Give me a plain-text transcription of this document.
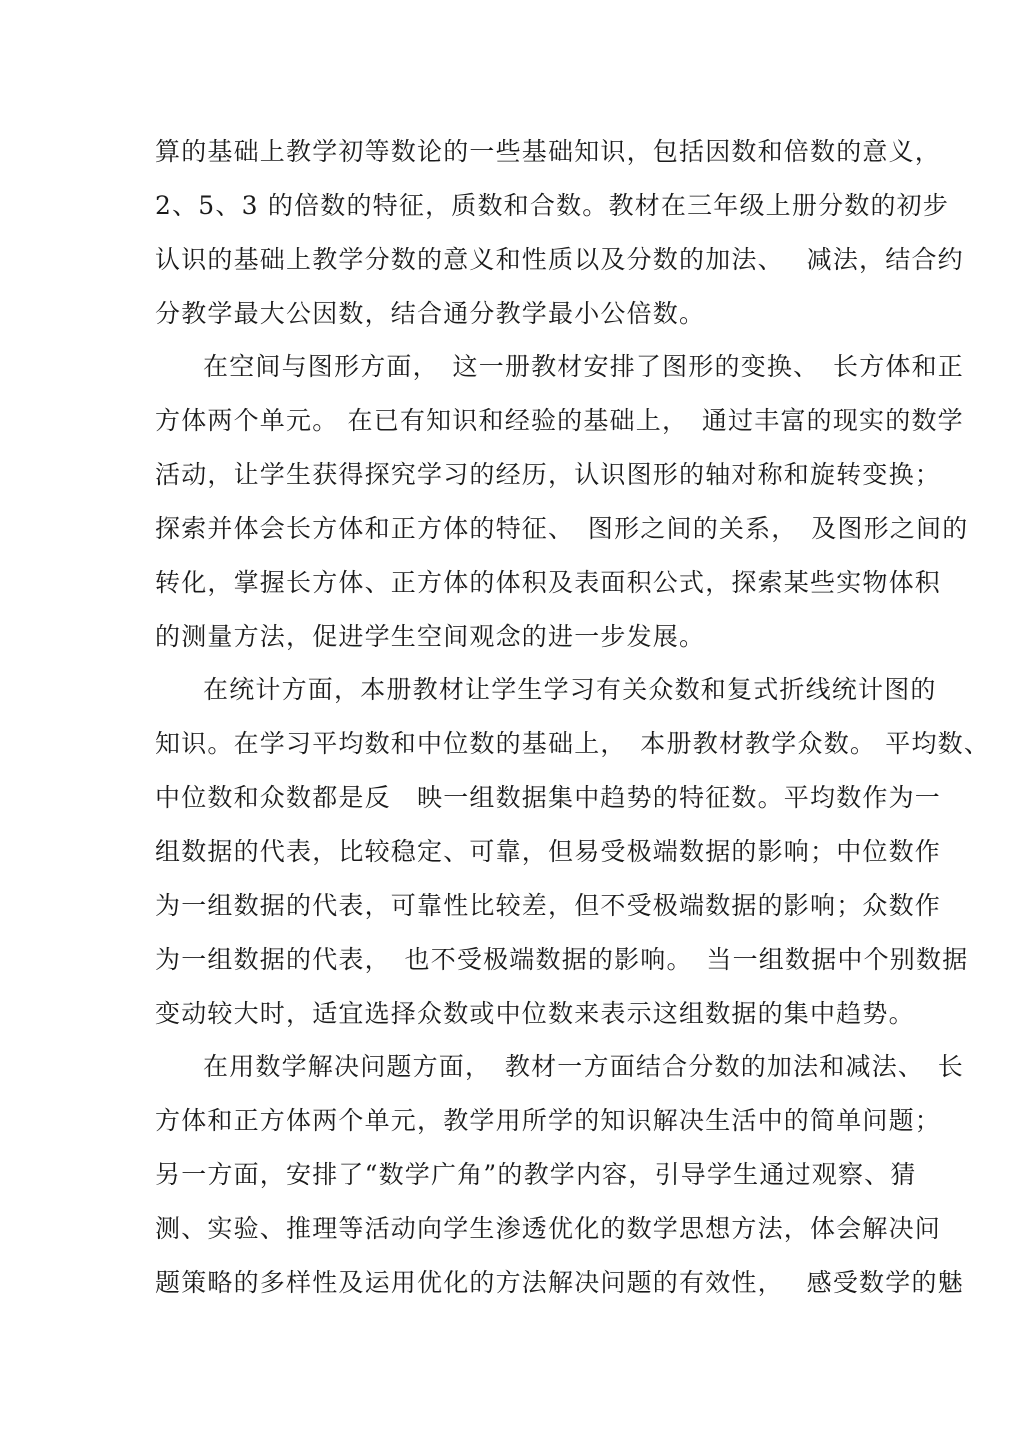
算的基础上教学初等数论的一些基础知识，包括因数和倍数的意义，
2、5、3 的倍数的特征，质数和合数。教材在三年级上册分数的初步
认识的基础上教学分数的意义和性质以及分数的加法、　 减法，结合约
分教学最大公因数，结合通分教学最小公倍数。
在空间与图形方面，　这一册教材安排了图形的变换、　长方体和正
方体两个单元。 在已有知识和经验的基础上，　通过丰富的现实的数学
活动，让学生获得探究学习的经历，认识图形的轴对称和旋转变换；
探索并体会长方体和正方体的特征、　图形之间的关系，　及图形之间的
转化，掌握长方体、正方体的体积及表面积公式，探索某些实物体积
的测量方法，促进学生空间观念的进一步发展。
在统计方面，本册教材让学生学习有关众数和复式折线统计图的
知识。在学习平均数和中位数的基础上，　本册教材教学众数。 平均数、
中位数和众数都是反　映一组数据集中趋势的特征数。平均数作为一
组数据的代表，比较稳定、可靠，但易受极端数据的影响；中位数作
为一组数据的代表，可靠性比较差，但不受极端数据的影响；众数作
为一组数据的代表，　也不受极端数据的影响。　当一组数据中个别数据
变动较大时，适宜选择众数或中位数来表示这组数据的集中趋势。
在用数学解决问题方面，　教材一方面结合分数的加法和减法、　长
方体和正方体两个单元，教学用所学的知识解决生活中的简单问题；
另一方面，安排了“数学广角”的教学内容，引导学生通过观察、猜
测、实验、推理等活动向学生渗透优化的数学思想方法，体会解决问
题策略的多样性及运用优化的方法解决问题的有效性，　 感受数学的魅
